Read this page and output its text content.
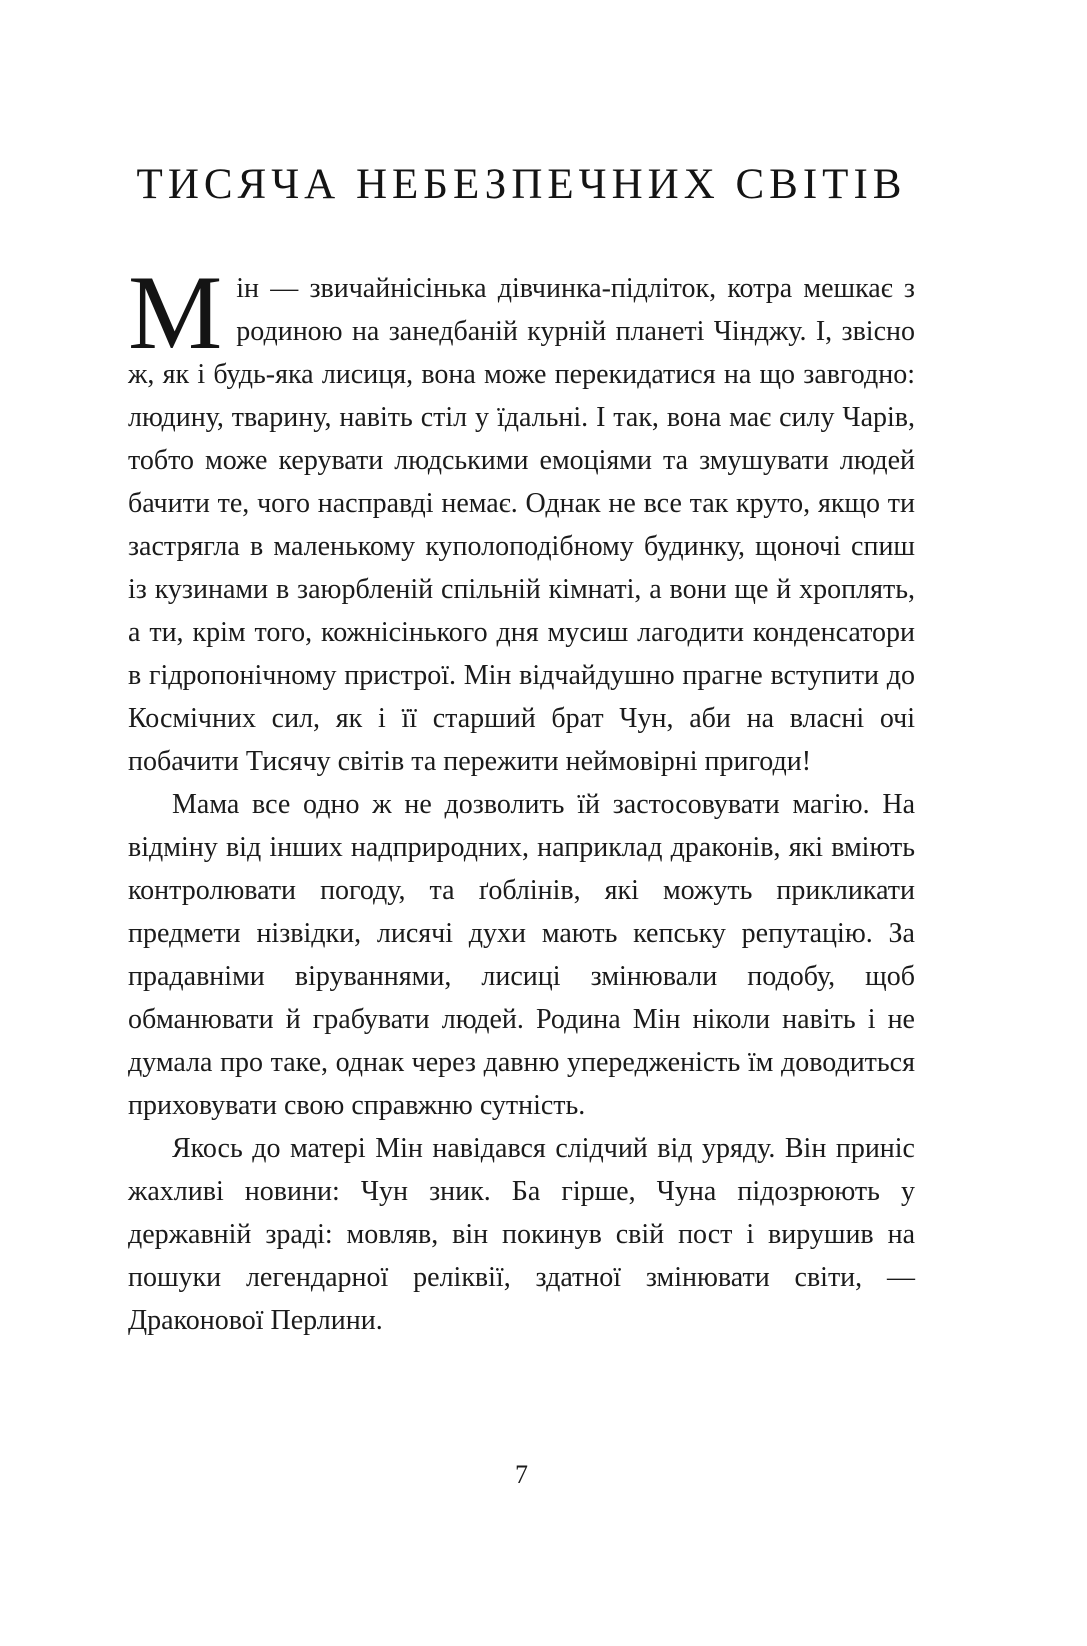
ТИСЯЧА НЕБЕЗПЕЧНИХ СВІТІВ

Мін — звичайнісінька дівчинка-підліток, котра мешкає з родиною на занедбаній курній планеті Чінджу. І, звісно ж, як і будь-яка лисиця, вона може перекидатися на що завгодно: людину, тварину, навіть стіл у їдальні. І так, вона має силу Чарів, тобто може керувати людськими емоціями та змушувати людей бачити те, чого насправді немає. Однак не все так круто, якщо ти застрягла в маленькому куполоподібному будинку, щоночі спиш із кузинами в заюрбленій спільній кімнаті, а вони ще й хроплять, а ти, крім того, кожнісінького дня мусиш лагодити конденсатори в гідропонічному пристрої. Мін відчайдушно прагне вступити до Космічних сил, як і її старший брат Чун, аби на власні очі побачити Тисячу світів та пережити неймовірні пригоди!

Мама все одно ж не дозволить їй застосовувати магію. На відміну від інших надприродних, наприклад драконів, які вміють контролювати погоду, та ґоблінів, які можуть прикликати предмети нізвідки, лисячі духи мають кепську репутацію. За прадавніми віруваннями, лисиці змінювали подобу, щоб обманювати й грабувати людей. Родина Мін ніколи навіть і не думала про таке, однак через давню упередженість їм доводиться приховувати свою справжню сутність.

Якось до матері Мін навідався слідчий від уряду. Він приніс жахливі новини: Чун зник. Ба гірше, Чуна підозрюють у державній зраді: мовляв, він покинув свій пост і вирушив на пошуки легендарної реліквії, здатної змінювати світи, — Драконової Перлини.

7
